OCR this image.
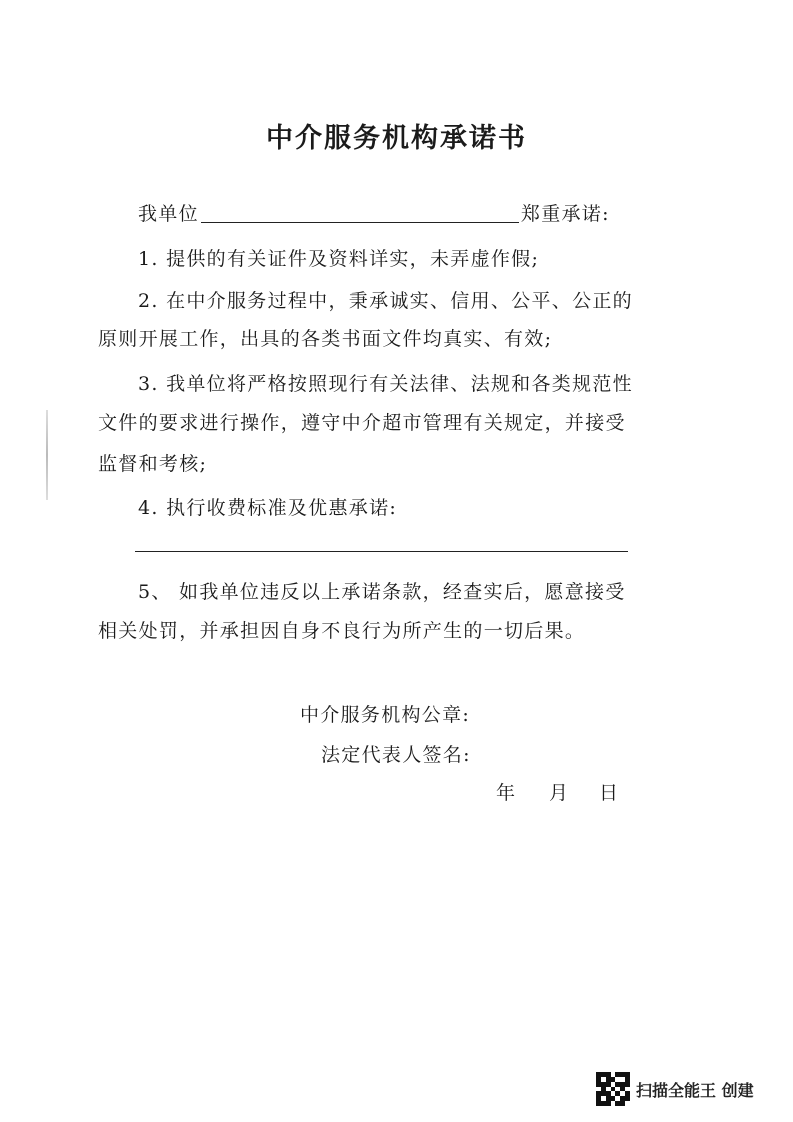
中介服务机构承诺书
我单位	郑重承诺:
1. 提供的有关证件及资料详实，未弄虚作假;
2. 在中介服务过程中，秉承诚实、信用、公平、公正的
原则开展工作，出具的各类书面文件均真实、有效;
3. 我单位将严格按照现行有关法律、法规和各类规范性
文件的要求进行操作，遵守中介超市管理有关规定，并接受
监督和考核;
4. 执行收费标准及优惠承诺:
5、 如我单位违反以上承诺条款，经查实后，愿意接受
相关处罚，并承担因自身不良行为所产生的一切后果。
中介服务机构公章:
法定代表人签名:
年 月 日
扫描全能王 创建
